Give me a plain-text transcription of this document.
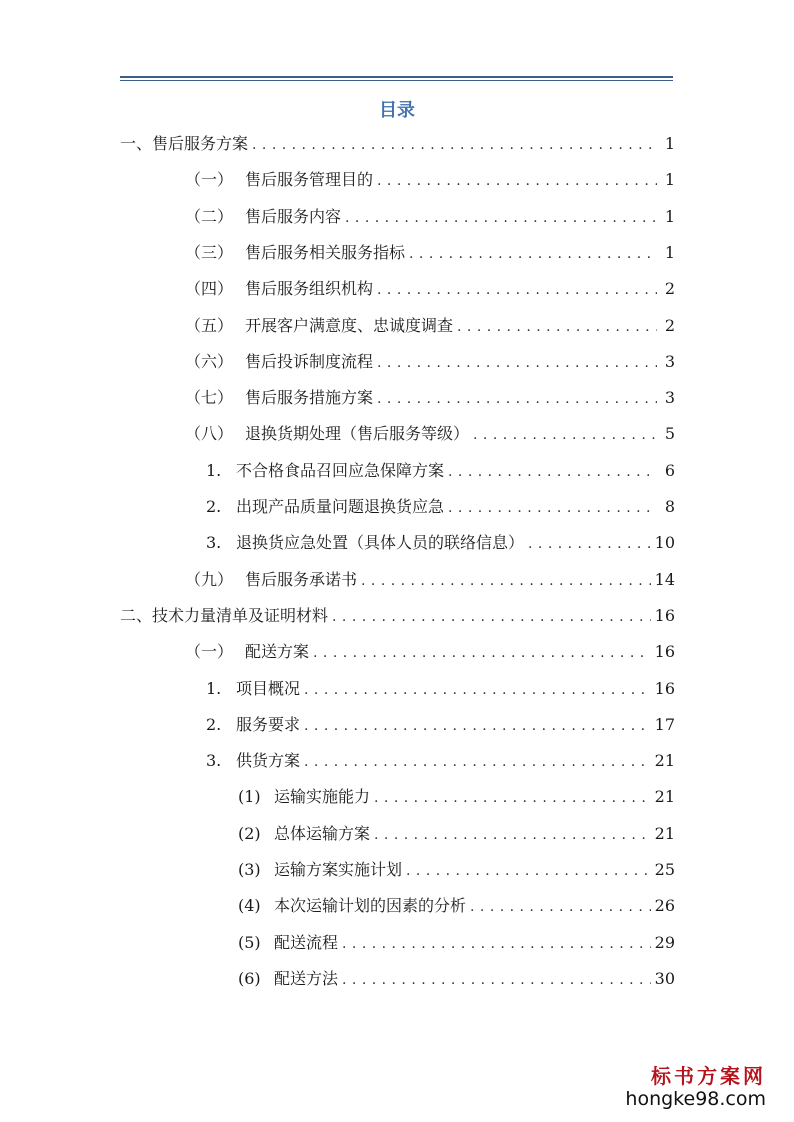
目录
一、 售后服务方案 . . .	1
（一） 售后服务管理目的 . . .	1
（二） 售后服务内容 . . .	1
（三） 售后服务相关服务指标 . . .	1
（四） 售后服务组织机构 . . .	2
（五） 开展客户满意度、忠诚度调查 . . .	2
（六） 售后投诉制度流程 . . .	3
（七） 售后服务措施方案 . . .	3
（八） 退换货期处理（售后服务等级） . . .	5
1. 不合格食品召回应急保障方案 . . .	6
2. 出现产品质量问题退换货应急 . . .	8
3. 退换货应急处置（具体人员的联络信息） . . .	10
（九） 售后服务承诺书 . . .	14
二、 技术力量清单及证明材料 . . .	16
（一） 配送方案 . . .	16
1. 项目概况 . . .	16
2. 服务要求 . . .	17
3. 供货方案 . . .	21
(1) 运输实施能力 . . .	21
(2) 总体运输方案 . . .	21
(3) 运输方案实施计划 . . .	25
(4) 本次运输计划的因素的分析 . . .	26
(5) 配送流程 . . .	29
(6) 配送方法 . . .	30
标书方案网
hongke98.com
